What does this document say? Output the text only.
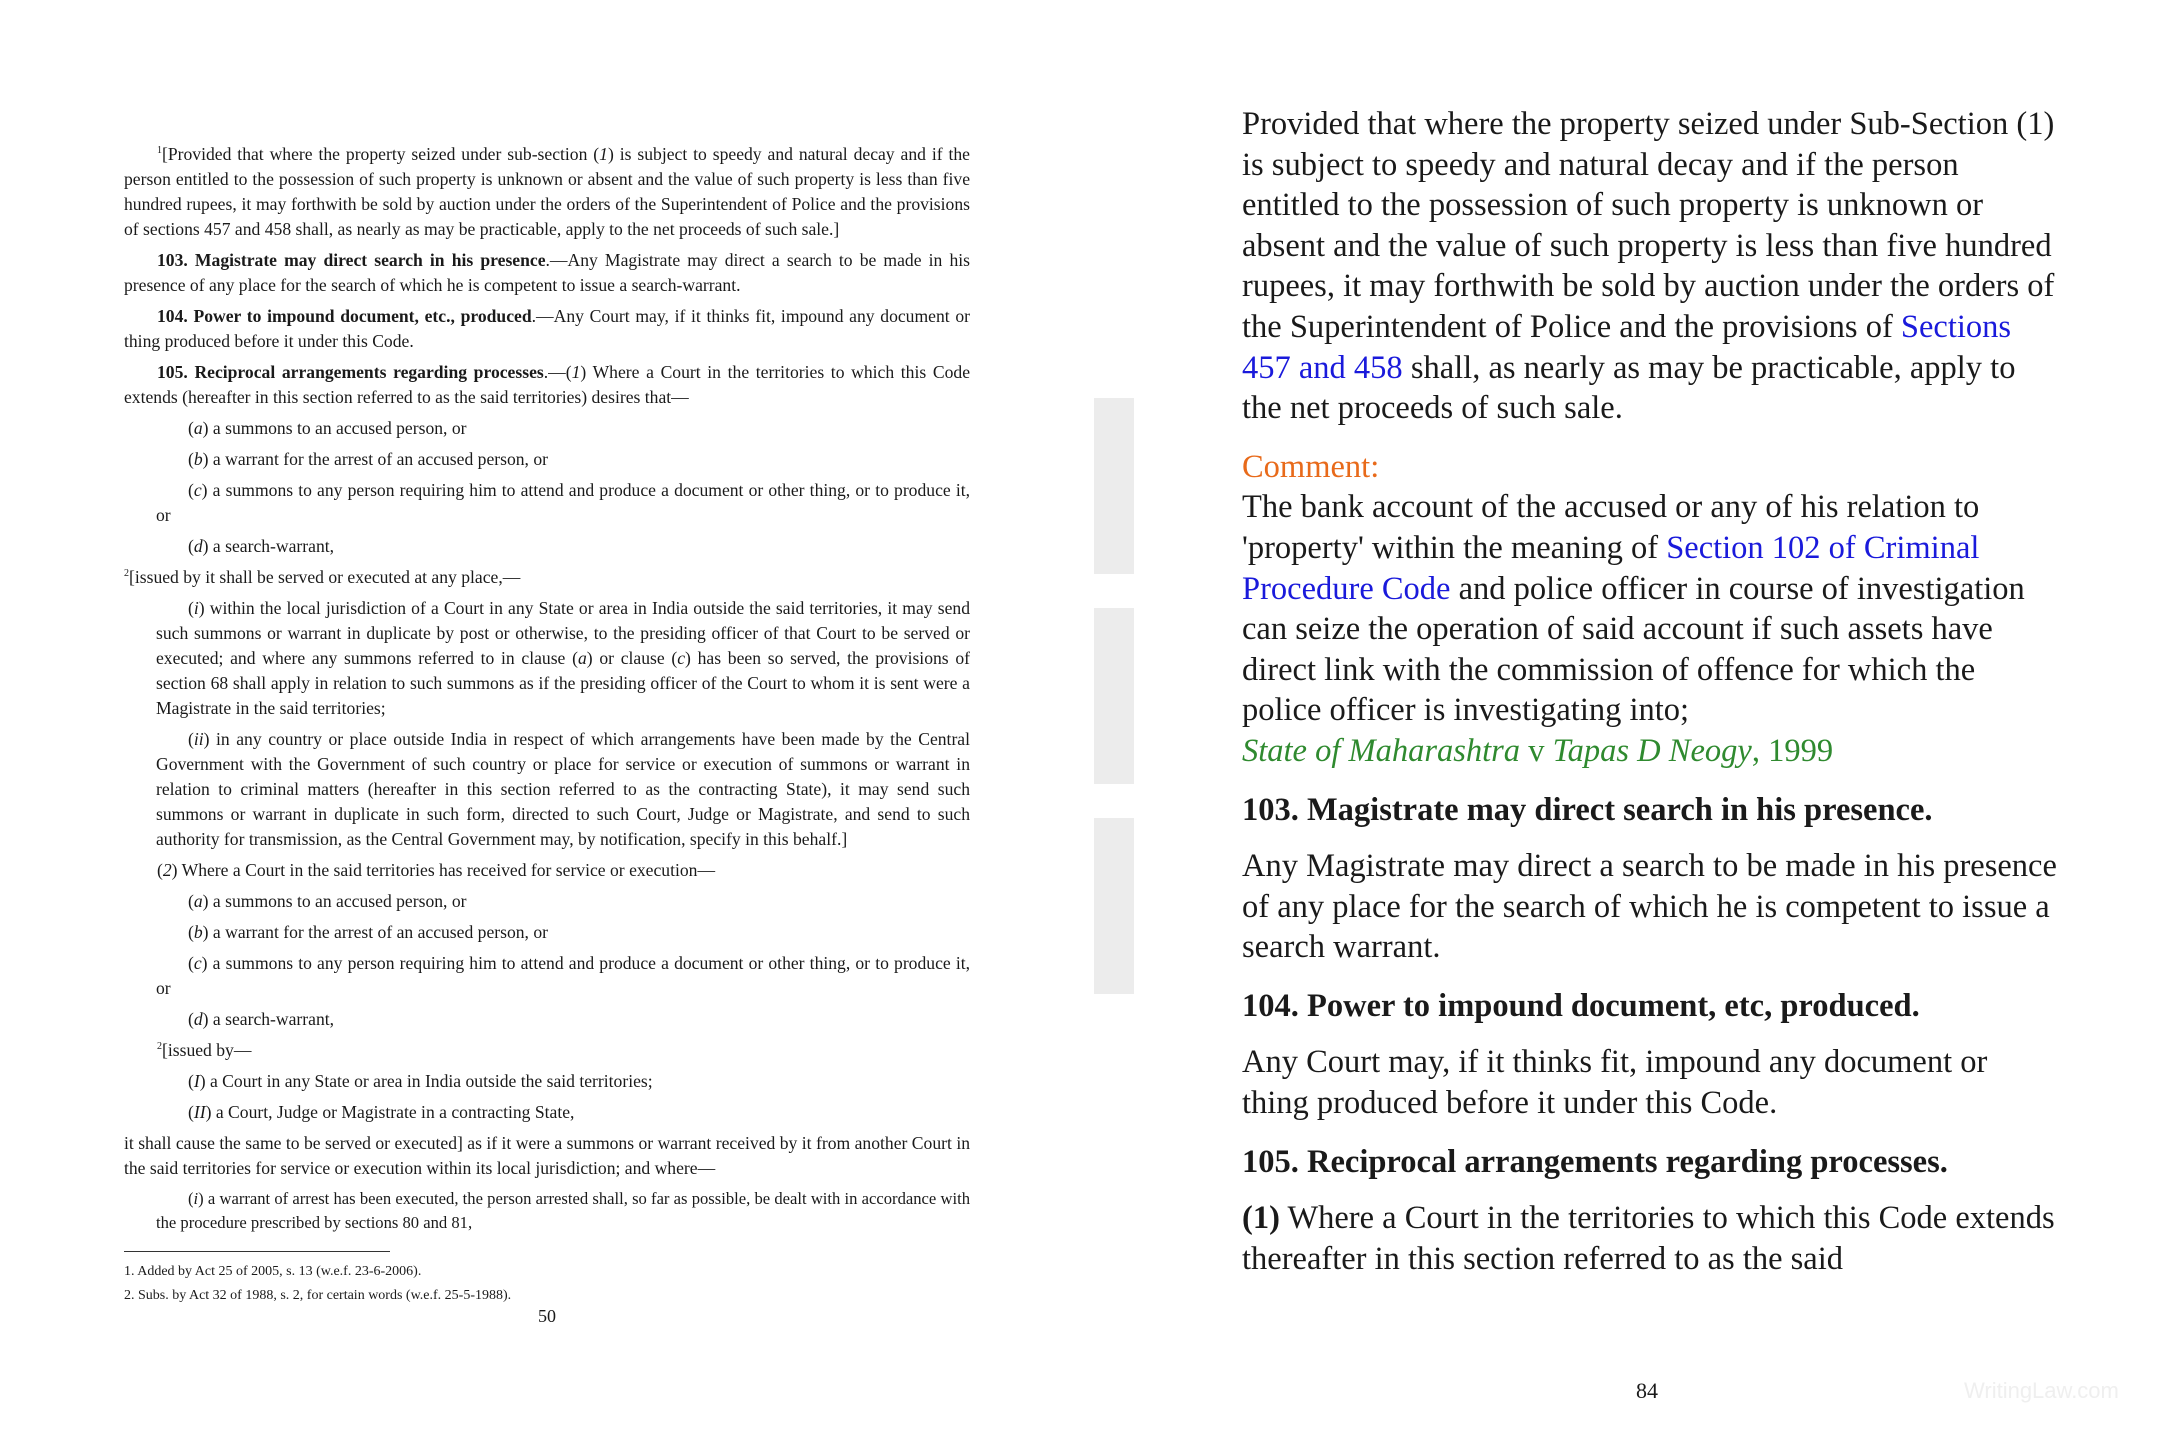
$^1$[Provided that where the property seized under sub-section (1) is subject to speedy and natural decay and if the person entitled to the possession of such property is unknown or absent and the value of such property is less than five hundred rupees, it may forthwith be sold by auction under the orders of the Superintendent of Police and the provisions of sections 457 and 458 shall, as nearly as may be practicable, apply to the net proceeds of such sale.]

103. Magistrate may direct search in his presence.—Any Magistrate may direct a search to be made in his presence of any place for the search of which he is competent to issue a search-warrant.

104. Power to impound document, etc., produced.—Any Court may, if it thinks fit, impound any document or thing produced before it under this Code.

105. Reciprocal arrangements regarding processes.—(1) Where a Court in the territories to which this Code extends (hereafter in this section referred to as the said territories) desires that—

(a) a summons to an accused person, or

(b) a warrant for the arrest of an accused person, or

(c) a summons to any person requiring him to attend and produce a document or other thing, or to produce it, or

(d) a search-warrant,

$^2$[issued by it shall be served or executed at any place,—

(i) within the local jurisdiction of a Court in any State or area in India outside the said territories, it may send such summons or warrant in duplicate by post or otherwise, to the presiding officer of that Court to be served or executed; and where any summons referred to in clause (a) or clause (c) has been so served, the provisions of section 68 shall apply in relation to such summons as if the presiding officer of the Court to whom it is sent were a Magistrate in the said territories;

(ii) in any country or place outside India in respect of which arrangements have been made by the Central Government with the Government of such country or place for service or execution of summons or warrant in relation to criminal matters (hereafter in this section referred to as the contracting State), it may send such summons or warrant in duplicate in such form, directed to such Court, Judge or Magistrate, and send to such authority for transmission, as the Central Government may, by notification, specify in this behalf.]

(2) Where a Court in the said territories has received for service or execution—

(a) a summons to an accused person, or

(b) a warrant for the arrest of an accused person, or

(c) a summons to any person requiring him to attend and produce a document or other thing, or to produce it, or

(d) a search-warrant,

$^2$[issued by—

(I) a Court in any State or area in India outside the said territories;

(II) a Court, Judge or Magistrate in a contracting State,

it shall cause the same to be served or executed] as if it were a summons or warrant received by it from another Court in the said territories for service or execution within its local jurisdiction; and where—

(i) a warrant of arrest has been executed, the person arrested shall, so far as possible, be dealt with in accordance with the procedure prescribed by sections 80 and 81,

1. Added by Act 25 of 2005, s. 13 (w.e.f. 23-6-2006).

2. Subs. by Act 32 of 1988, s. 2, for certain words (w.e.f. 25-5-1988).

50

Provided that where the property seized under Sub-Section (1) is subject to speedy and natural decay and if the person entitled to the possession of such property is unknown or absent and the value of such property is less than five hundred rupees, it may forthwith be sold by auction under the orders of the Superintendent of Police and the provisions of Sections 457 and 458 shall, as nearly as may be practicable, apply to the net proceeds of such sale.

Comment:

The bank account of the accused or any of his relation to 'property' within the meaning of Section 102 of Criminal Procedure Code and police officer in course of investigation can seize the operation of said account if such assets have direct link with the commission of offence for which the police officer is investigating into;

State of Maharashtra v Tapas D Neogy, 1999

103. Magistrate may direct search in his presence.

Any Magistrate may direct a search to be made in his presence of any place for the search of which he is competent to issue a search warrant.

104. Power to impound document, etc, produced.

Any Court may, if it thinks fit, impound any document or thing produced before it under this Code.

105. Reciprocal arrangements regarding processes.

(1) Where a Court in the territories to which this Code extends thereafter in this section referred to as the said

84	WritingLaw.com
